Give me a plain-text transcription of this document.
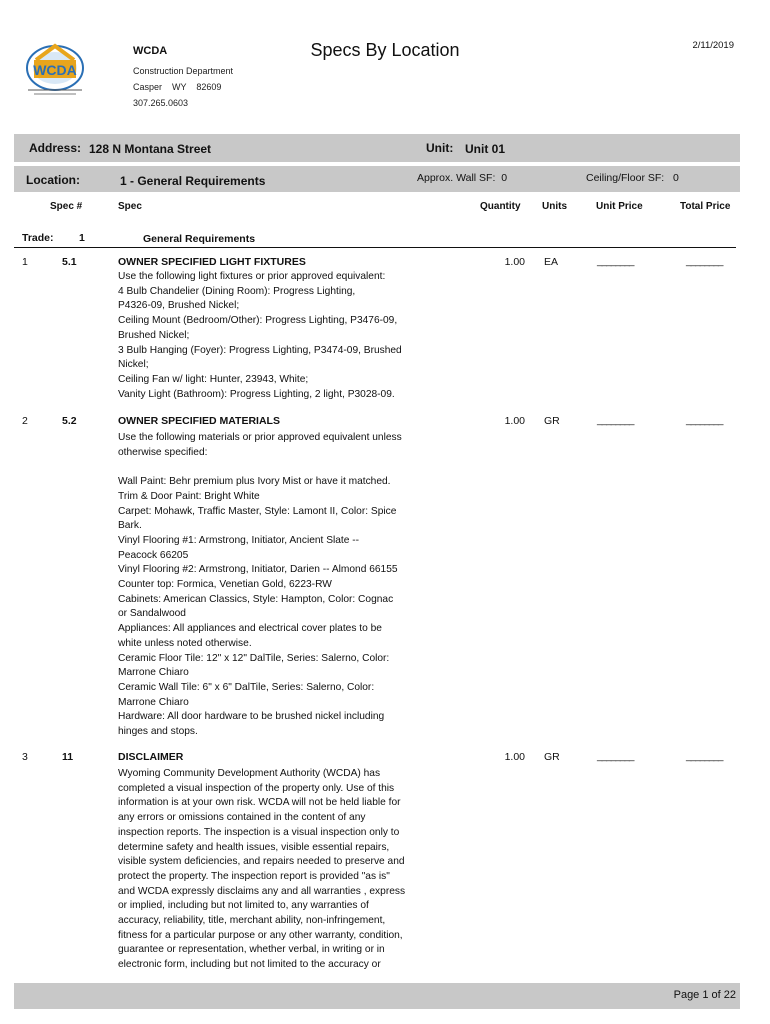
WCDA
WCDA
Construction Department
Casper    WY    82609
307.265.0603
Specs By Location	2/11/2019
Address: 128 N Montana Street	Unit: Unit 01
Location:	1 - General Requirements	Approx. Wall SF:  0	Ceiling/Floor SF:   0
Spec #	Spec	Quantity Units	Unit Price	Total Price
Trade: 1	General Requirements
1	5.1	OWNER SPECIFIED LIGHT FIXTURES
Use the following light fixtures or prior approved equivalent:
4 Bulb Chandelier (Dining Room): Progress Lighting,
P4326-09, Brushed Nickel;
Ceiling Mount (Bedroom/Other): Progress Lighting, P3476-09,
Brushed Nickel;
3 Bulb Hanging (Foyer): Progress Lighting, P3474-09, Brushed
Nickel;
Ceiling Fan w/ light: Hunter, 23943, White;
Vanity Light (Bathroom): Progress Lighting, 2 light, P3028-09.
1.00 EA	________	________
2	5.2	OWNER SPECIFIED MATERIALS
Use the following materials or prior approved equivalent unless
otherwise specified:

Wall Paint: Behr premium plus Ivory Mist or have it matched.
Trim & Door Paint: Bright White
Carpet: Mohawk, Traffic Master, Style: Lamont II, Color: Spice
Bark.
Vinyl Flooring #1: Armstrong, Initiator, Ancient Slate --
Peacock 66205
Vinyl Flooring #2: Armstrong, Initiator, Darien -- Almond 66155
Counter top: Formica, Venetian Gold, 6223-RW
Cabinets: American Classics, Style: Hampton, Color: Cognac
or Sandalwood
Appliances: All appliances and electrical cover plates to be
white unless noted otherwise.
Ceramic Floor Tile: 12" x 12" DalTile, Series: Salerno, Color:
Marrone Chiaro
Ceramic Wall Tile: 6" x 6" DalTile, Series: Salerno, Color:
Marrone Chiaro
Hardware: All door hardware to be brushed nickel including
hinges and stops.
1.00 GR	________	________
3	11	DISCLAIMER
Wyoming Community Development Authority (WCDA) has
completed a visual inspection of the property only. Use of this
information is at your own risk. WCDA will not be held liable for
any errors or omissions contained in the content of any
inspection reports. The inspection is a visual inspection only to
determine safety and health issues, visible essential repairs,
visible system deficiencies, and repairs needed to preserve and
protect the property. The inspection report is provided "as is"
and WCDA expressly disclaims any and all warranties , express
or implied, including but not limited to, any warranties of
accuracy, reliability, title, merchant ability, non-infringement,
fitness for a particular purpose or any other warranty, condition,
guarantee or representation, whether verbal, in writing or in
electronic form, including but not limited to the accuracy or
1.00 GR	________	________
Page 1 of 22
